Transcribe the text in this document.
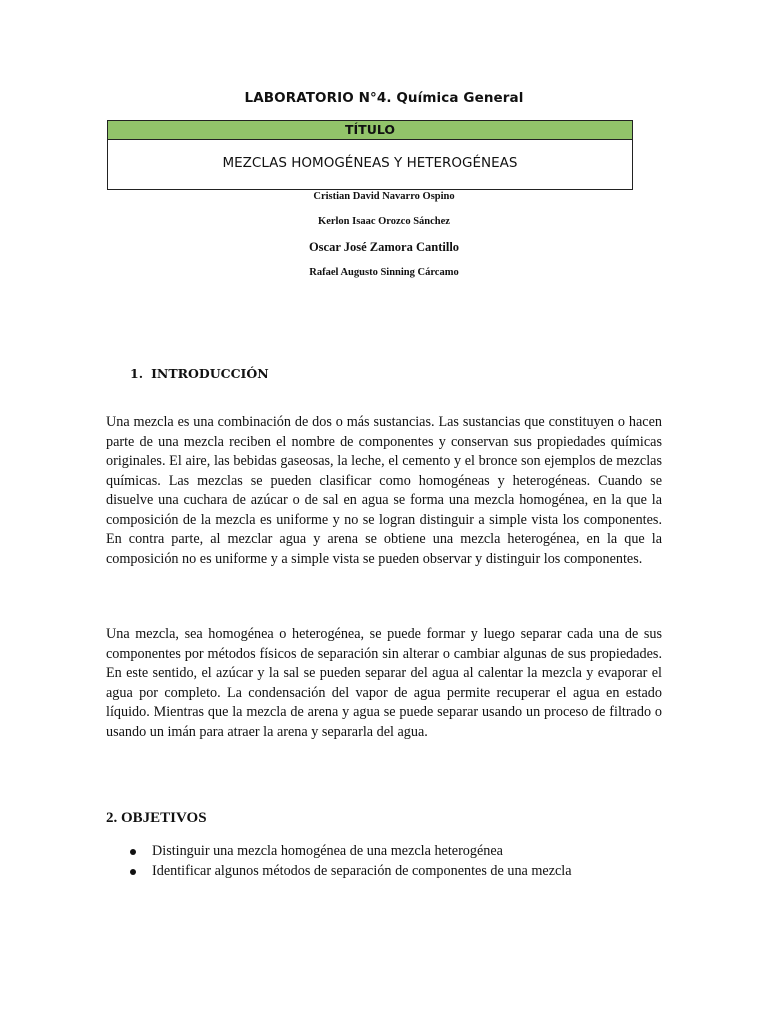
LABORATORIO N°4. Química General
TÍTULO
MEZCLAS HOMOGÉNEAS Y HETEROGÉNEAS
Cristian David Navarro Ospino
Kerlon Isaac Orozco Sánchez
Oscar José Zamora Cantillo
Rafael Augusto Sinning Cárcamo
1. INTRODUCCIÓN

Una mezcla es una combinación de dos o más sustancias. Las sustancias que constituyen o hacen parte de una mezcla reciben el nombre de componentes y conservan sus propiedades químicas originales. El aire, las bebidas gaseosas, la leche, el cemento y el bronce son ejemplos de mezclas químicas. Las mezclas se pueden clasificar como homogéneas y heterogéneas. Cuando se disuelve una cuchara de azúcar o de sal en agua se forma una mezcla homogénea, en la que la composición de la mezcla es uniforme y no se logran distinguir a simple vista los componentes. En contra parte, al mezclar agua y arena se obtiene una mezcla heterogénea, en la que la composición no es uniforme y a simple vista se pueden observar y distinguir los componentes.

Una mezcla, sea homogénea o heterogénea, se puede formar y luego separar cada una de sus componentes por métodos físicos de separación sin alterar o cambiar algunas de sus propiedades. En este sentido, el azúcar y la sal se pueden separar del agua al calentar la mezcla y evaporar el agua por completo. La condensación del vapor de agua permite recuperar el agua en estado líquido. Mientras que la mezcla de arena y agua se puede separar usando un proceso de filtrado o usando un imán para atraer la arena y separarla del agua.

2. OBJETIVOS
Distinguir una mezcla homogénea de una mezcla heterogénea
Identificar algunos métodos de separación de componentes de una mezcla
